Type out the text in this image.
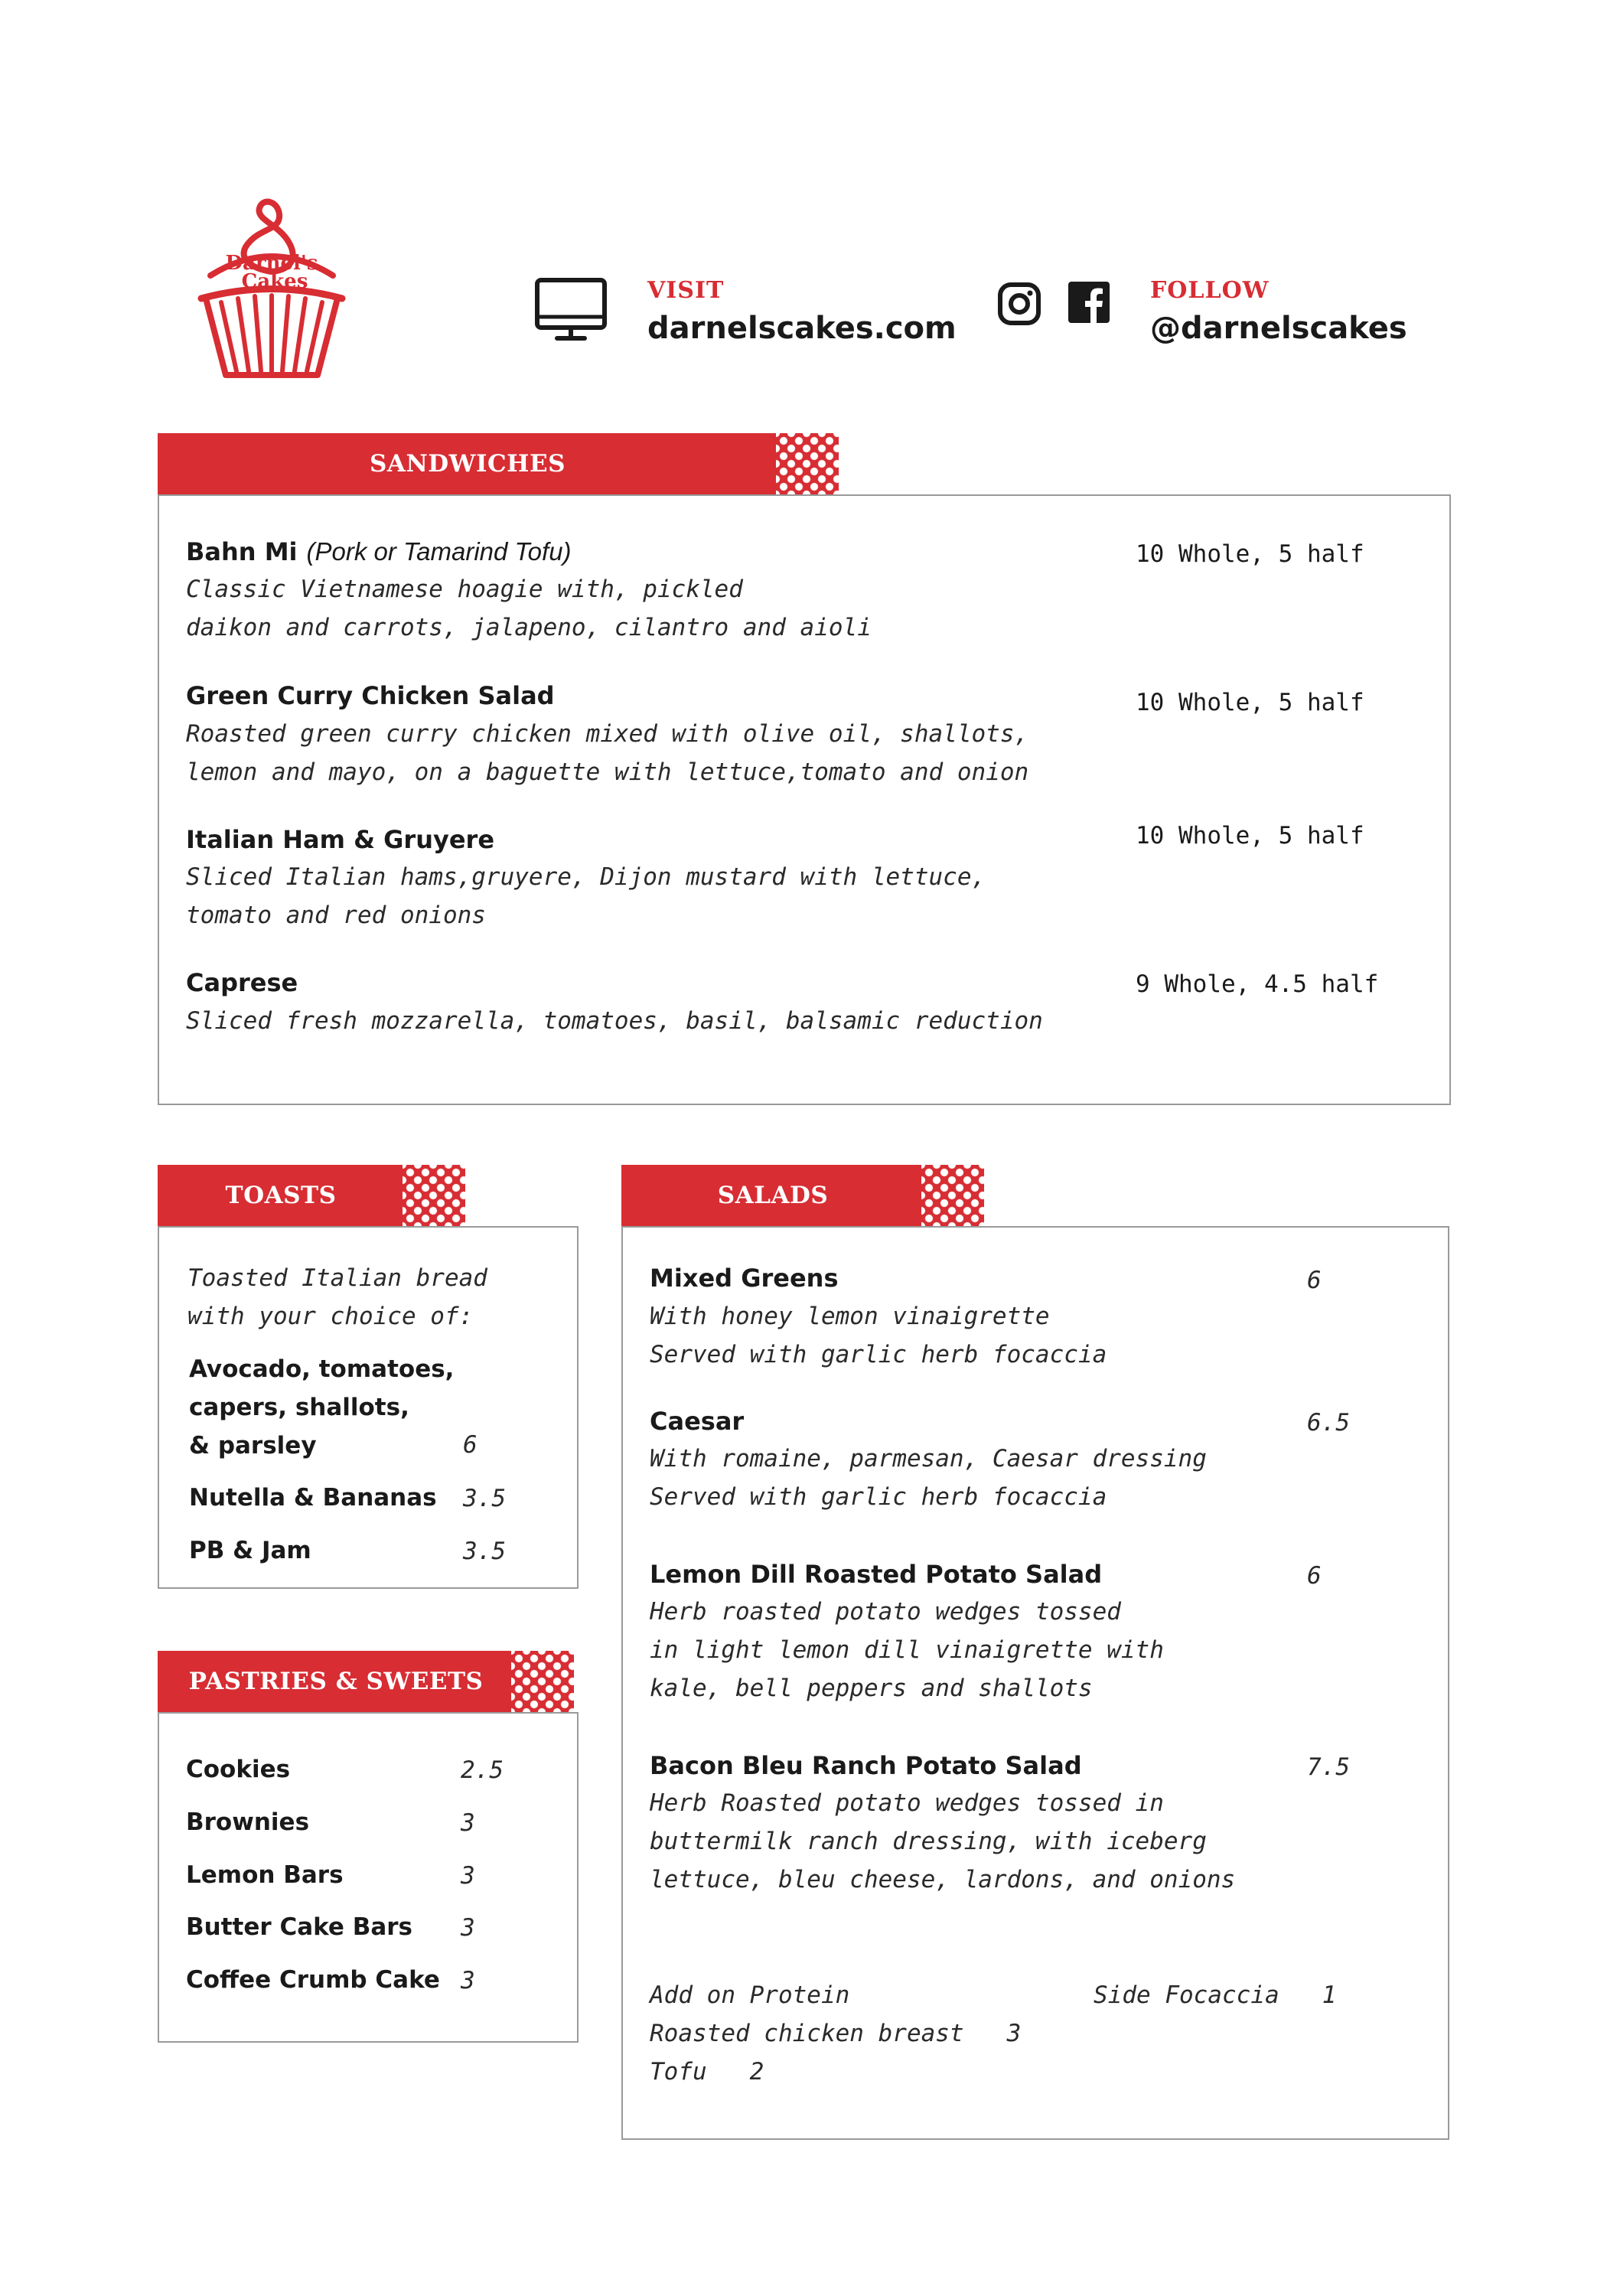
Darnel's
Cakes	VISIT
darnelscakes.com
FOLLOW
@darnelscakes
SANDWICHES
Bahn Mi (Pork or Tamarind Tofu)
Classic Vietnamese hoagie with, pickled
daikon and carrots, jalapeno, cilantro and aioli
10 Whole, 5 half
Green Curry Chicken Salad
Roasted green curry chicken mixed with olive oil, shallots,
lemon and mayo, on a baguette with lettuce,tomato and onion
10 Whole, 5 half
Italian Ham & Gruyere
Sliced Italian hams,gruyere, Dijon mustard with lettuce,
tomato and red onions
10 Whole, 5 half
Caprese
Sliced fresh mozzarella, tomatoes, basil, balsamic reduction
9 Whole, 4.5 half
TOASTS
Toasted Italian bread
with your choice of:
Avocado, tomatoes,
capers, shallots,
& parsley	6
Nutella & Bananas 3.5
PB & Jam	3.5
PASTRIES & SWEETS
Cookies	2.5
Brownies	3
Lemon Bars	3
Butter Cake Bars 3
Coffee Crumb Cake 3
SALADS
Mixed Greens
With honey lemon vinaigrette
Served with garlic herb focaccia
6
Caesar
With romaine, parmesan, Caesar dressing
Served with garlic herb focaccia
6.5
Lemon Dill Roasted Potato Salad
Herb roasted potato wedges tossed
in light lemon dill vinaigrette with
kale, bell peppers and shallots
6
Bacon Bleu Ranch Potato Salad
Herb Roasted potato wedges tossed in
buttermilk ranch dressing, with iceberg
lettuce, bleu cheese, lardons, and onions
7.5
Add on Protein
Roasted chicken breast 3
Tofu 2
Side Focaccia 1
